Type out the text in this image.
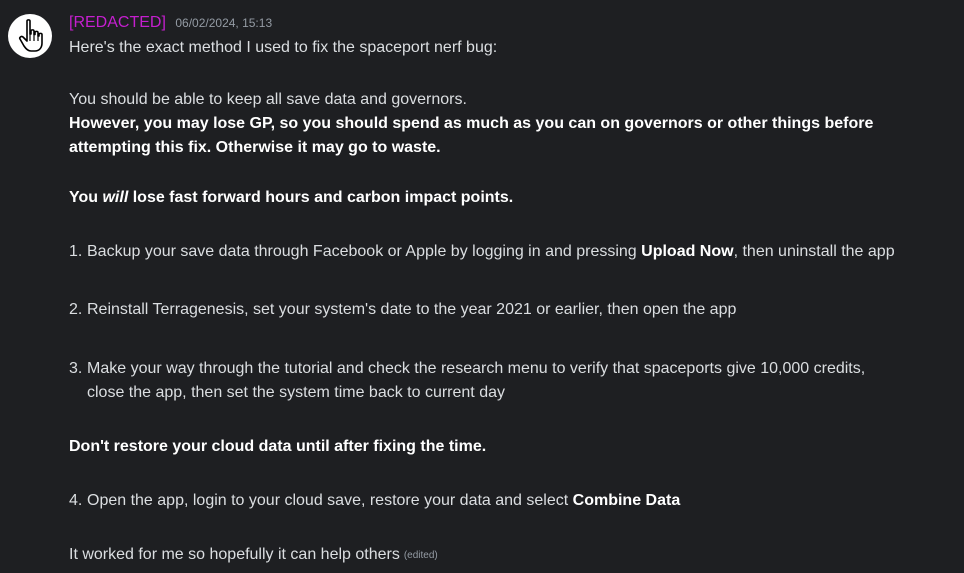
[REDACTED] 06/02/2024, 15:13
Here's the exact method I used to fix the spaceport nerf bug:
You should be able to keep all save data and governors.
However, you may lose GP, so you should spend as much as you can on governors or other things before
attempting this fix. Otherwise it may go to waste.
You will lose fast forward hours and carbon impact points.
1. Backup your save data through Facebook or Apple by logging in and pressing Upload Now, then uninstall the app
2. Reinstall Terragenesis, set your system's date to the year 2021 or earlier, then open the app
3. Make your way through the tutorial and check the research menu to verify that spaceports give 10,000 credits,
close the app, then set the system time back to current day
Don't restore your cloud data until after fixing the time.
4. Open the app, login to your cloud save, restore your data and select Combine Data
It worked for me so hopefully it can help others (edited)
